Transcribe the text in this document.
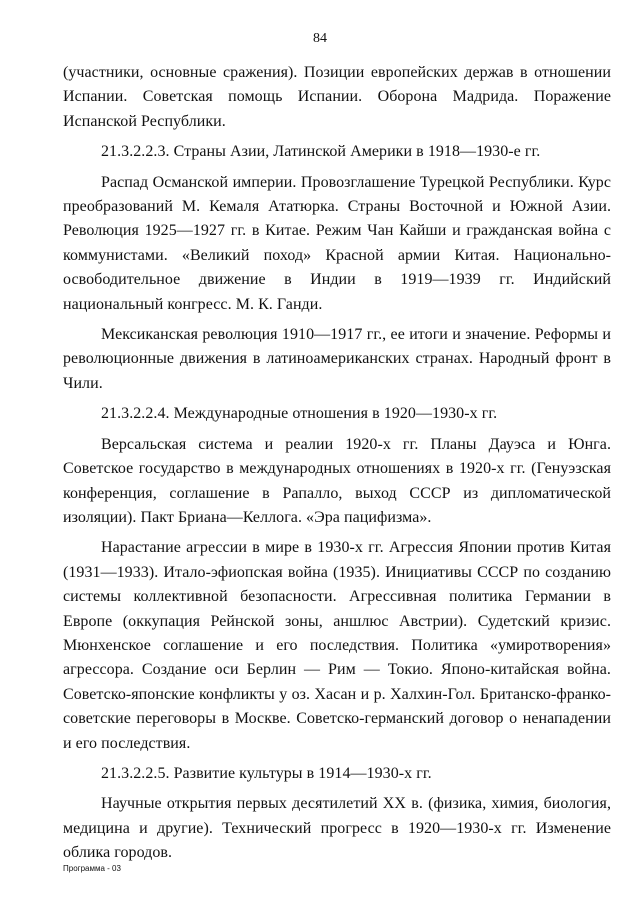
84

(участники, основные сражения). Позиции европейских держав в отношении Испании. Советская помощь Испании. Оборона Мадрида. Поражение Испанской Республики.

21.3.2.2.3. Страны Азии, Латинской Америки в 1918—1930-е гг.

Распад Османской империи. Провозглашение Турецкой Республики. Курс преобразований М. Кемаля Ататюрка. Страны Восточной и Южной Азии. Революция 1925—1927 гг. в Китае. Режим Чан Кайши и гражданская война с коммунистами. «Великий поход» Красной армии Китая. Национально-освободительное движение в Индии в 1919—1939 гг. Индийский национальный конгресс. М. К. Ганди.

Мексиканская революция 1910—1917 гг., ее итоги и значение. Реформы и революционные движения в латиноамериканских странах. Народный фронт в Чили.

21.3.2.2.4. Международные отношения в 1920—1930-х гг.

Версальская система и реалии 1920-х гг. Планы Дауэса и Юнга. Советское государство в международных отношениях в 1920-х гг. (Генуэзская конференция, соглашение в Рапалло, выход СССР из дипломатической изоляции). Пакт Бриана—Келлога. «Эра пацифизма».

Нарастание агрессии в мире в 1930-х гг. Агрессия Японии против Китая (1931—1933). Итало-эфиопская война (1935). Инициативы СССР по созданию системы коллективной безопасности. Агрессивная политика Германии в Европе (оккупация Рейнской зоны, аншлюс Австрии). Судетский кризис. Мюнхенское соглашение и его последствия. Политика «умиротворения» агрессора. Создание оси Берлин — Рим — Токио. Японо-китайская война. Советско-японские конфликты у оз. Хасан и р. Халхин-Гол. Британско-франко-советские переговоры в Москве. Советско-германский договор о ненападении и его последствия.

21.3.2.2.5. Развитие культуры в 1914—1930-х гг.

Научные открытия первых десятилетий XX в. (физика, химия, биология, медицина и другие). Технический прогресс в 1920—1930-х гг. Изменение облика городов.

Программа - 03
